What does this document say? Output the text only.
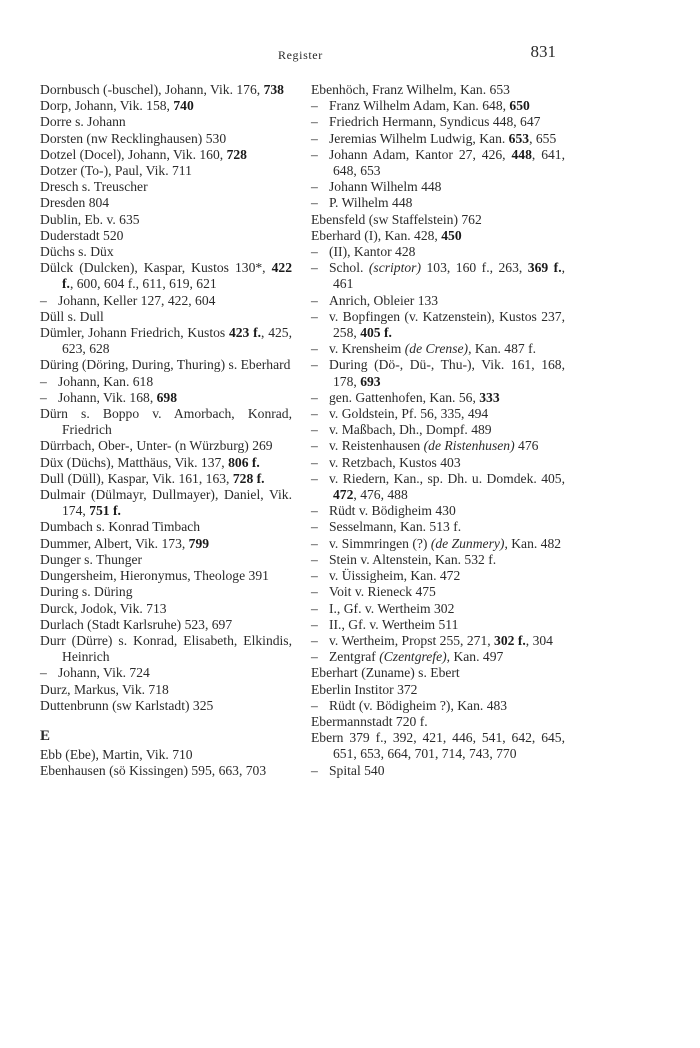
Register	831

Dornbusch (-buschel), Johann, Vik. 176, 738

Dorp, Johann, Vik. 158, 740

Dorre s. Johann

Dorsten (nw Recklinghausen) 530

Dotzel (Docel), Johann, Vik. 160, 728

Dotzer (To-), Paul, Vik. 711

Dresch s. Treuscher

Dresden 804

Dublin, Eb. v. 635

Duderstadt 520

Düchs s. Düx

Dülck (Dulcken), Kaspar, Kustos 130*, 422 f., 600, 604 f., 611, 619, 621

– Johann, Keller 127, 422, 604

Düll s. Dull

Dümler, Johann Friedrich, Kustos 423 f., 425, 623, 628

Düring (Döring, During, Thuring) s. Eberhard

– Johann, Kan. 618

– Johann, Vik. 168, 698

Dürn s. Boppo v. Amorbach, Konrad, Friedrich

Dürrbach, Ober-, Unter- (n Würzburg) 269

Düx (Düchs), Matthäus, Vik. 137, 806 f.

Dull (Düll), Kaspar, Vik. 161, 163, 728 f.

Dulmair (Dülmayr, Dullmayer), Daniel, Vik. 174, 751 f.

Dumbach s. Konrad Timbach

Dummer, Albert, Vik. 173, 799

Dunger s. Thunger

Dungersheim, Hieronymus, Theologe 391

During s. Düring

Durck, Jodok, Vik. 713

Durlach (Stadt Karlsruhe) 523, 697

Durr (Dürre) s. Konrad, Elisabeth, Elkindis, Heinrich

– Johann, Vik. 724

Durz, Markus, Vik. 718

Duttenbrunn (sw Karlstadt) 325

E

Ebb (Ebe), Martin, Vik. 710

Ebenhausen (sö Kissingen) 595, 663, 703

Ebenhöch, Franz Wilhelm, Kan. 653

– Franz Wilhelm Adam, Kan. 648, 650

– Friedrich Hermann, Syndicus 448, 647

– Jeremias Wilhelm Ludwig, Kan. 653, 655

– Johann Adam, Kantor 27, 426, 448, 641, 648, 653

– Johann Wilhelm 448

– P. Wilhelm 448

Ebensfeld (sw Staffelstein) 762

Eberhard (I), Kan. 428, 450

– (II), Kantor 428

– Schol. (scriptor) 103, 160 f., 263, 369 f., 461

– Anrich, Obleier 133

– v. Bopfingen (v. Katzenstein), Kustos 237, 258, 405 f.

– v. Krensheim (de Crense), Kan. 487 f.

– During (Dö-, Dü-, Thu-), Vik. 161, 168, 178, 693

– gen. Gattenhofen, Kan. 56, 333

– v. Goldstein, Pf. 56, 335, 494

– v. Maßbach, Dh., Dompf. 489

– v. Reistenhausen (de Ristenhusen) 476

– v. Retzbach, Kustos 403

– v. Riedern, Kan., sp. Dh. u. Domdek. 405, 472, 476, 488

– Rüdt v. Bödigheim 430

– Sesselmann, Kan. 513 f.

– v. Simmringen (?) (de Zunmery), Kan. 482

– Stein v. Altenstein, Kan. 532 f.

– v. Üissigheim, Kan. 472

– Voit v. Rieneck 475

– I., Gf. v. Wertheim 302

– II., Gf. v. Wertheim 511

– v. Wertheim, Propst 255, 271, 302 f., 304

– Zentgraf (Czentgrefe), Kan. 497

Eberhart (Zuname) s. Ebert

Eberlin Institor 372

– Rüdt (v. Bödigheim ?), Kan. 483

Ebermannstadt 720 f.

Ebern 379 f., 392, 421, 446, 541, 642, 645, 651, 653, 664, 701, 714, 743, 770

– Spital 540
